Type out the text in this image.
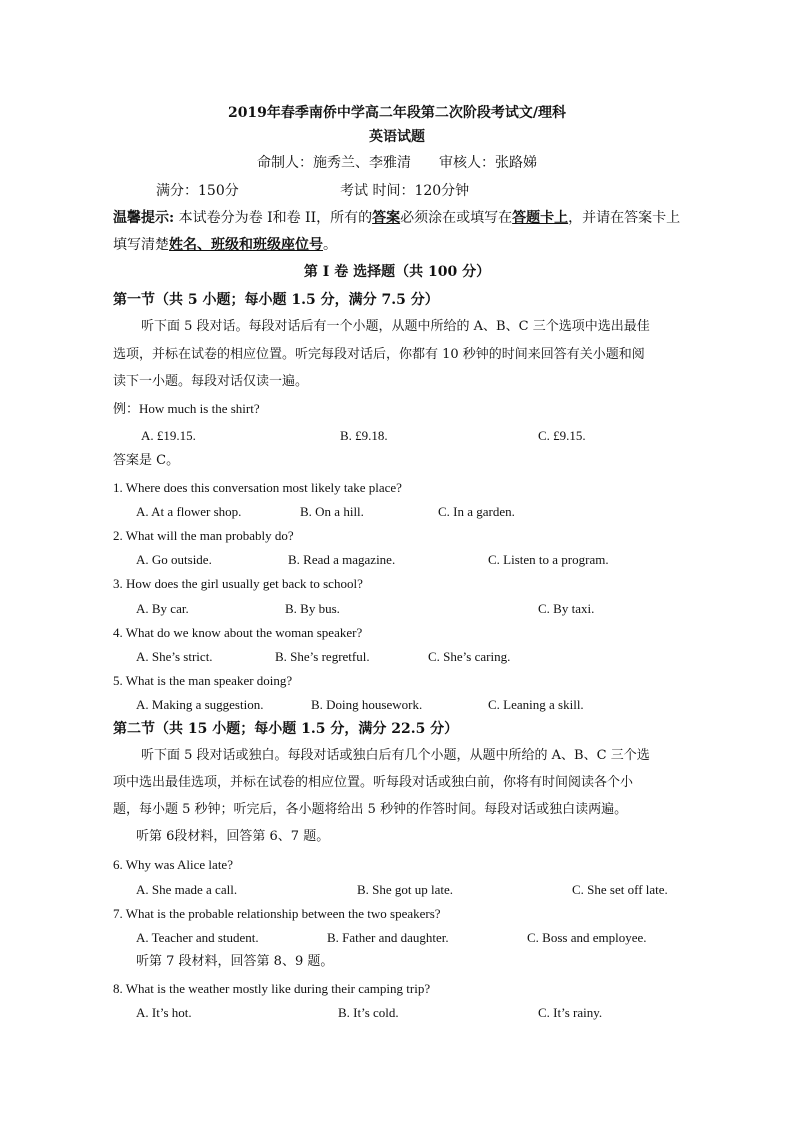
2019年春季南侨中学高二年段第二次阶段考试文/理科
英语试题
命制人：施秀兰、李雅清　　审核人：张路娣
满分：150分	考试 时间：120分钟
温馨提示: 本试卷分为卷 I和卷 II，所有的答案必须涂在或填写在答题卡上，并请在答案卡上
填写清楚姓名、班级和班级座位号。
第 I 卷 选择题（共 100 分）
第一节（共 5 小题；每小题 1.5 分，满分 7.5 分）
听下面 5 段对话。每段对话后有一个小题，从题中所给的 A、B、C 三个选项中选出最佳
选项，并标在试卷的相应位置。听完每段对话后，你都有 10 秒钟的时间来回答有关小题和阅
读下一小题。每段对话仅读一遍。
例：How much is the shirt?
A. £19.15.	B. £9.18.	C. £9.15.
答案是 C。
1. Where does this conversation most likely take place?
A. At a flower shop.	B. On a hill.	C. In a garden.
2. What will the man probably do?
A. Go outside.	B. Read a magazine.	C. Listen to a program.
3. How does the girl usually get back to school?
A. By car.	B. By bus.	C. By taxi.
4. What do we know about the woman speaker?
A. She’s strict.	B. She’s regretful.	C. She’s caring.
5. What is the man speaker doing?
A. Making a suggestion.	B. Doing housework.	C. Leaning a skill.
第二节（共 15 小题；每小题 1.5 分，满分 22.5 分）
听下面 5 段对话或独白。每段对话或独白后有几个小题，从题中所给的 A、B、C 三个选
项中选出最佳选项，并标在试卷的相应位置。听每段对话或独白前，你将有时间阅读各个小
题，每小题 5 秒钟；听完后，各小题将给出 5 秒钟的作答时间。每段对话或独白读两遍。
听第 6段材料，回答第 6、7 题。
6. Why was Alice late?
A. She made a call.	B. She got up late.	C. She set off late.
7. What is the probable relationship between the two speakers?
A. Teacher and student.	B. Father and daughter.	C. Boss and employee.
听第 7 段材料，回答第 8、9 题。
8. What is the weather mostly like during their camping trip?
A. It’s hot.	B. It’s cold.	C. It’s rainy.
